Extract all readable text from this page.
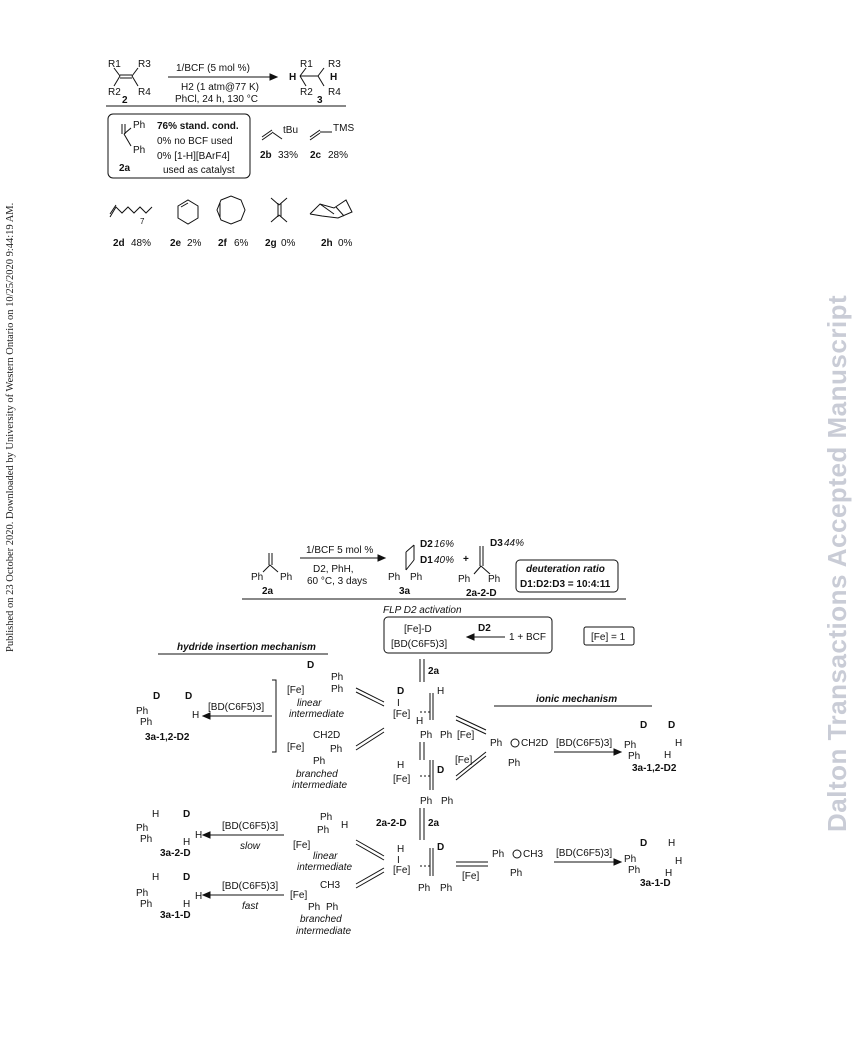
Published on 23 October 2020. Downloaded by University of Western Ontario on 10/25/2020 9:44:19 AM.	Dalton Transactions Accepted Manuscript
R1 R3
R2 R4
2
1/BCF (5 mol %)
H2 (1 atm@77 K)
PhCl, 24 h, 130 °C
H	H
R1 R3
R2 R4
3
Ph
Ph
2a
76% stand. cond.
0% no BCF used
0% [1-H][BArF4]
used as catalyst
tBu
2b 33%
TMS
2c 28%
7
2d 48% 2e 2% 2f 6% 2g 0%	2h 0%
Ph Ph
2a
1/BCF 5 mol %
D2, PhH,
60 °C, 3 days
D2 16%
D1 40%
Ph Ph
3a
+
D3 44%
Ph Ph
2a-2-D
deuteration ratio
D1:D2:D3 = 10:4:11
FLP D2 activation
[Fe]-D
[BD(C6F5)3]
D2
1 + BCF	[Fe] = 1
hydride insertion mechanism
2a
D D
Ph
Ph
H
3a-1,2-D2
[BD(C6F5)3]
D
Ph
Ph
[Fe]
linear
intermediate
CH2D
[Fe]	Ph
Ph
branched
intermediate
D
I
[Fe]
H
H
Ph Ph
H
[Fe]
D
Ph Ph
ionic mechanism
[Fe]
[Fe]
Ph CH2D
Ph
[BD(C6F5)3]
D D
Ph
Ph
H
H
3a-1,2-D2
2a-2-D 2a
H D
Ph
Ph	H
H
3a-2-D
[BD(C6F5)3]
slow
H D
Ph
Ph
H
H
3a-1-D
[BD(C6F5)3]
fast
Ph
Ph H
[Fe]
linear
intermediate
CH3
[Fe]
Ph Ph
branched
intermediate
H
I
[Fe]
D
Ph Ph
[Fe]
Ph CH3
Ph
[BD(C6F5)3]
D H
Ph
Ph
H
H
3a-1-D
